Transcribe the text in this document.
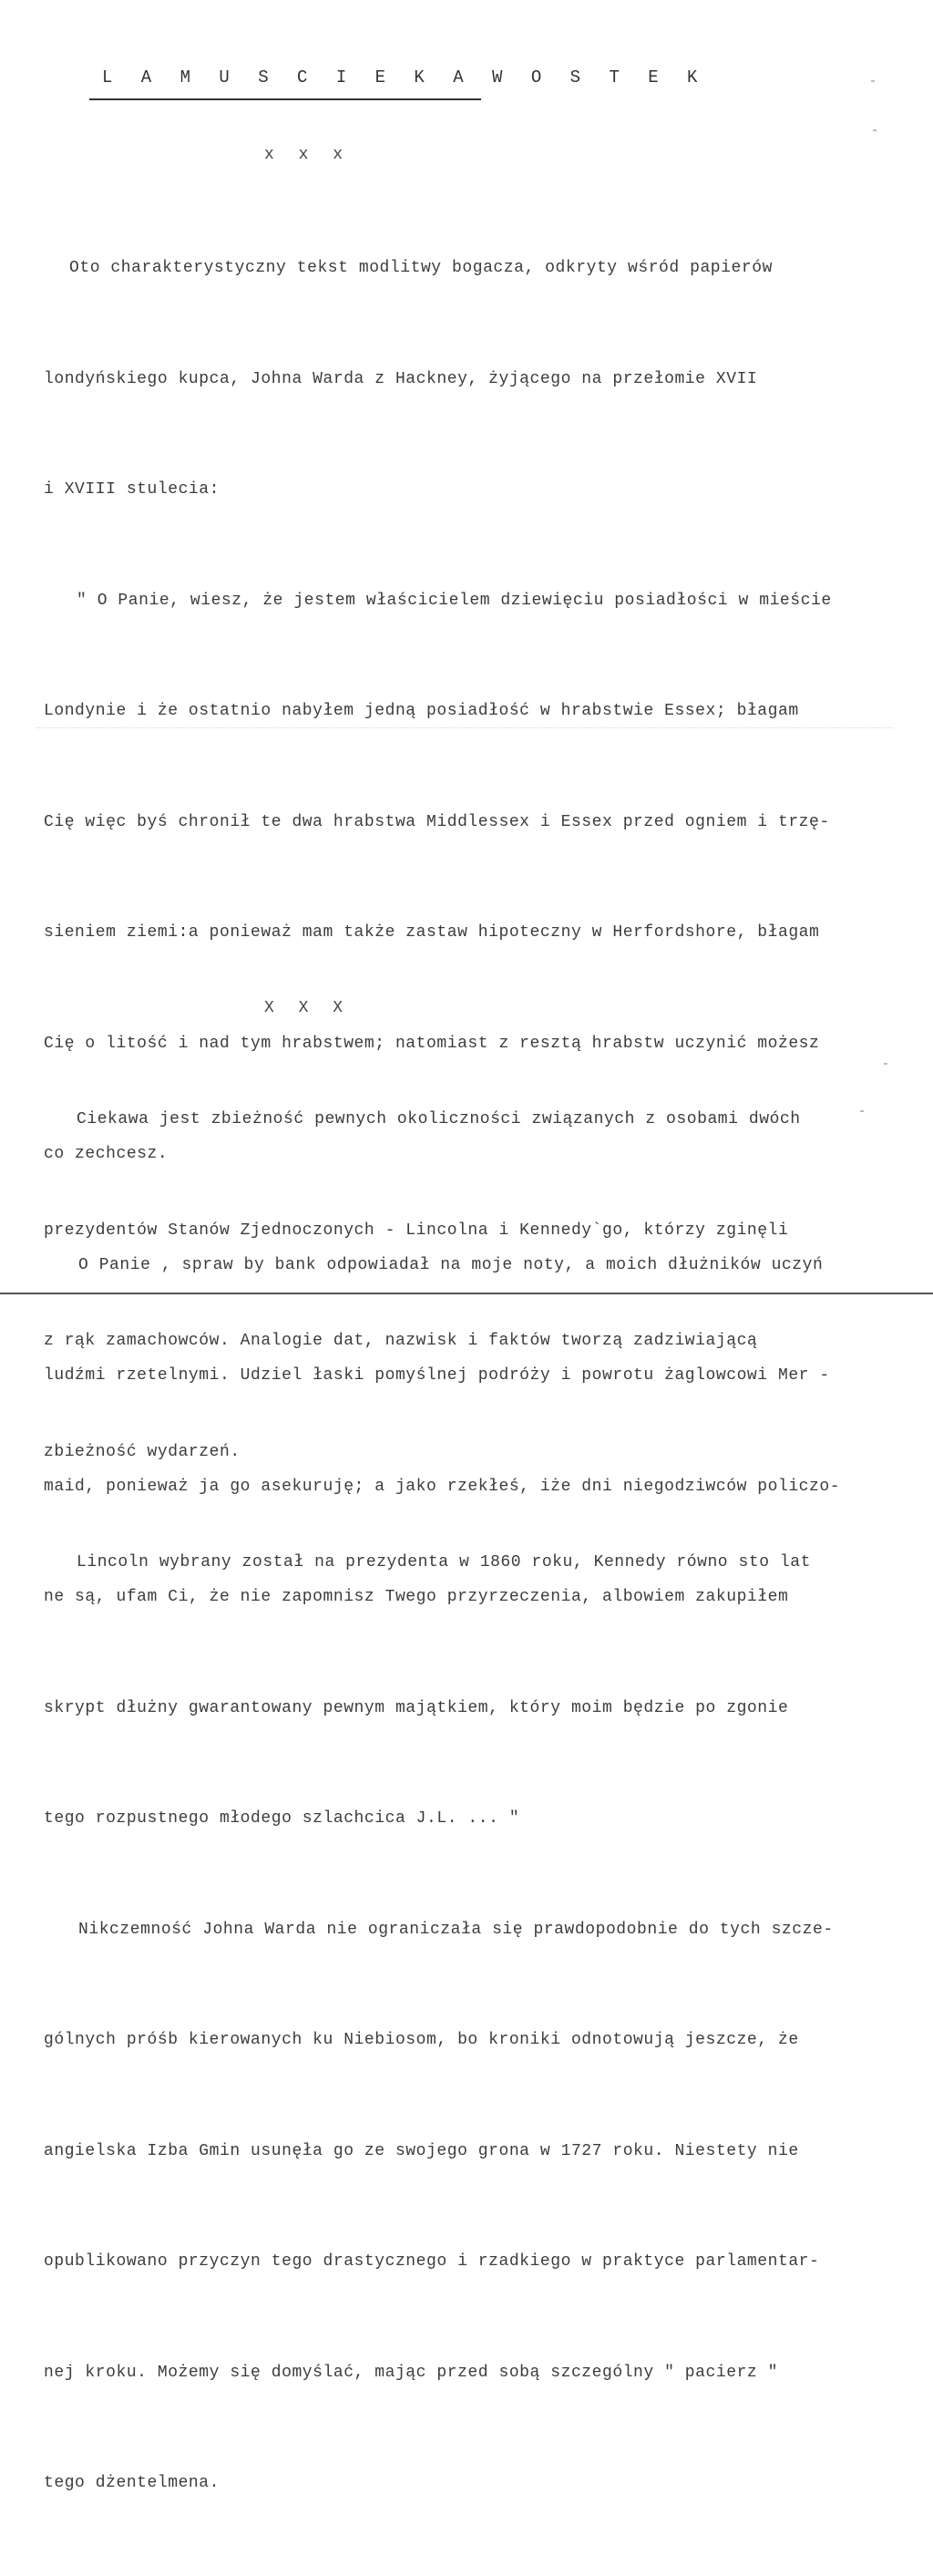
L A M U S C I E K A W O S T E K
x x x

Oto charakterystyczny tekst modlitwy bogacza, odkryty wśród papierów

londyńskiego kupca, Johna Warda z Hackney, żyjącego na przełomie XVII

i XVIII stulecia:

" O Panie, wiesz, że jestem właścicielem dziewięciu posiadłości w mieście

Londynie i że ostatnio nabyłem jedną posiadłość w hrabstwie Essex; błagam

Cię więc byś chronił te dwa hrabstwa Middlessex i Essex przed ogniem i trzę-

sieniem ziemi:a ponieważ mam także zastaw hipoteczny w Herfordshore, błagam

Cię o litość i nad tym hrabstwem; natomiast z resztą hrabstw uczynić możesz

co zechcesz.

O Panie , spraw by bank odpowiadał na moje noty, a moich dłużników uczyń

ludźmi rzetelnymi. Udziel łaski pomyślnej podróży i powrotu żaglowcowi Mer -

maid, ponieważ ja go asekuruję; a jako rzekłeś, iże dni niegodziwców policzo-

ne są, ufam Ci, że nie zapomnisz Twego przyrzeczenia, albowiem zakupiłem

skrypt dłużny gwarantowany pewnym majątkiem, który moim będzie po zgonie

tego rozpustnego młodego szlachcica J.L. ... "

Nikczemność Johna Warda nie ograniczała się prawdopodobnie do tych szcze-

gólnych próśb kierowanych ku Niebiosom, bo kroniki odnotowują jeszcze, że

angielska Izba Gmin usunęła go ze swojego grona w 1727 roku. Niestety nie

opublikowano przyczyn tego drastycznego i rzadkiego w praktyce parlamentar-

nej kroku. Możemy się domyślać, mając przed sobą szczególny " pacierz "

tego dżentelmena.

X X X

Ciekawa jest zbieżność pewnych okoliczności związanych z osobami dwóch

prezydentów Stanów Zjednoczonych - Lincolna i Kennedy`go, którzy zginęli

z rąk zamachowców. Analogie dat, nazwisk i faktów tworzą zadziwiającą

zbieżność wydarzeń.

Lincoln wybrany został na prezydenta w 1860 roku, Kennedy równo sto lat
